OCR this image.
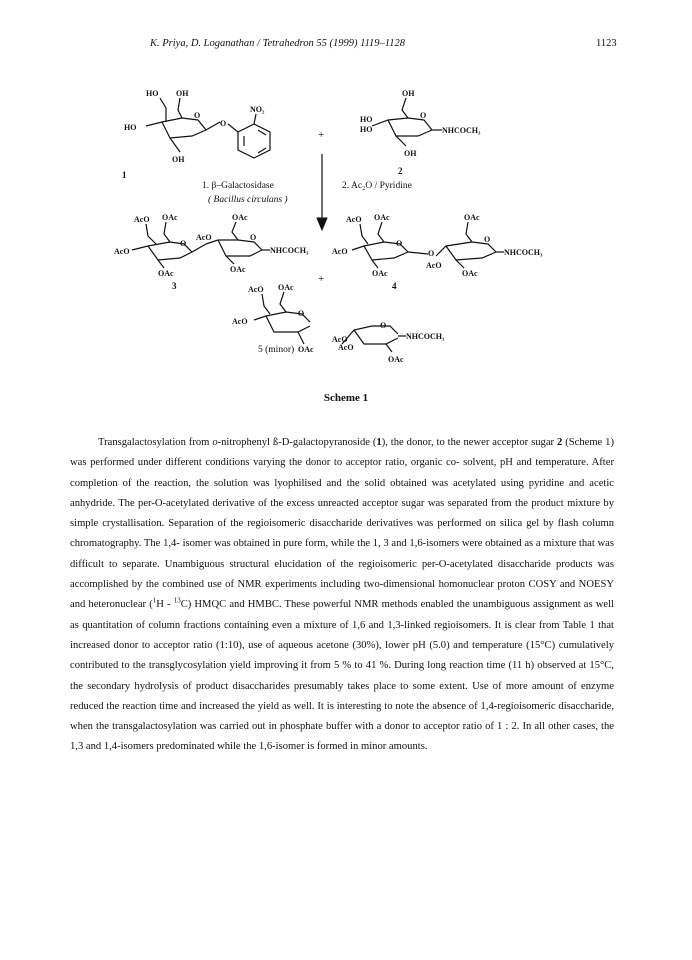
K. Priya, D. Loganathan / Tetrahedron 55 (1999) 1119–1128	1123
HO OH
HO
O
O
OH
NO₂
1
+
OH
HO
HO
O
NHCOCH₃
OH
2
1. β–Galactosidase
( Bacillus circulans )
2. Ac₂O / Pyridine
AcO OAc
AcO
O
AcO
OAc
O
NHCOCH₃
OAc	OAc
3
+
AcO OAc
AcO
O
O
AcO
OAc
O
NHCOCH₃
OAc	OAc
4
AcO OAc
AcO
O
OAc
AcO
AcO
O
NHCOCH₃
OAc
5 (minor)
Scheme 1

Transgalactosylation from o-nitrophenyl ß-D-galactopyranoside (1), the donor, to the newer acceptor sugar 2 (Scheme 1) was performed under different conditions varying the donor to acceptor ratio, organic co- solvent, pH and temperature. After completion of the reaction, the solution was lyophilised and the solid obtained was acetylated using pyridine and acetic anhydride. The per-O-acetylated derivative of the excess unreacted acceptor sugar was separated from the product mixture by simple crystallisation. Separation of the regioisomeric disaccharide derivatives was performed on silica gel by flash column chromatography. The 1,4- isomer was obtained in pure form, while the 1, 3 and 1,6-isomers were obtained as a mixture that was difficult to separate. Unambiguous structural elucidation of the regioisomeric per-O-acetylated disaccharide products was accomplished by the combined use of NMR experiments including two-dimensional homonuclear proton COSY and NOESY and heteronuclear ($^1$H - $^{13}$C) HMQC and HMBC. These powerful NMR methods enabled the unambiguous assignment as well as quantitation of column fractions containing even a mixture of 1,6 and 1,3-linked regioisomers. It is clear from Table 1 that increased donor to acceptor ratio (1:10), use of aqueous acetone (30%), lower pH (5.0) and temperature (15°C) cumulatively contributed to the transglycosylation yield improving it from 5 % to 41 %. During long reaction time (11 h) observed at 15°C, the secondary hydrolysis of product disaccharides presumably takes place to some extent. Use of more amount of enzyme reduced the reaction time and increased the yield as well. It is interesting to note the absence of 1,4-regioisomeric disaccharide, when the transgalactosylation was carried out in phosphate buffer with a donor to acceptor ratio of 1 : 2. In all other cases, the 1,3 and 1,4-isomers predominated while the 1,6-isomer is formed in minor amounts.
